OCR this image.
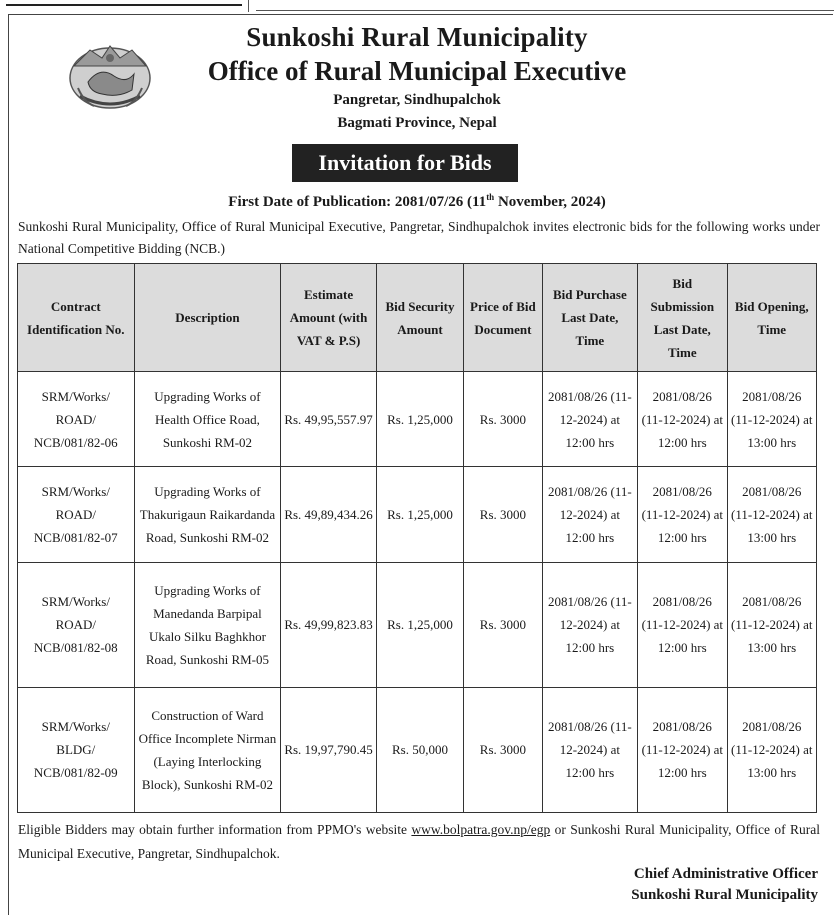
Sunkoshi Rural Municipality
Office of Rural Municipal Executive
Pangretar, Sindhupalchok
Bagmati Province, Nepal
Invitation for Bids
First Date of Publication: 2081/07/26 (11th November, 2024)
Sunkoshi Rural Municipality, Office of Rural Municipal Executive, Pangretar, Sindhupalchok invites electronic bids for the following works under National Competitive Bidding (NCB.)
Contract Identification No.	Description	Estimate Amount (with VAT & P.S)	Bid Security Amount	Price of Bid Document	Bid Purchase Last Date, Time	Bid Submission Last Date, Time	Bid Opening, Time
SRM/Works/ ROAD/ NCB/081/82-06	Upgrading Works of Health Office Road, Sunkoshi RM-02	Rs. 49,95,557.97	Rs. 1,25,000	Rs. 3000	2081/08/26 (11-12-2024) at 12:00 hrs	2081/08/26 (11-12-2024) at 12:00 hrs	2081/08/26 (11-12-2024) at 13:00 hrs
SRM/Works/ ROAD/ NCB/081/82-07	Upgrading Works of Thakurigaun Raikardanda Road, Sunkoshi RM-02	Rs. 49,89,434.26	Rs. 1,25,000	Rs. 3000	2081/08/26 (11-12-2024) at 12:00 hrs	2081/08/26 (11-12-2024) at 12:00 hrs	2081/08/26 (11-12-2024) at 13:00 hrs
SRM/Works/ ROAD/ NCB/081/82-08	Upgrading Works of Manedanda Barpipal Ukalo Silku Baghkhor Road, Sunkoshi RM-05	Rs. 49,99,823.83	Rs. 1,25,000	Rs. 3000	2081/08/26 (11-12-2024) at 12:00 hrs	2081/08/26 (11-12-2024) at 12:00 hrs	2081/08/26 (11-12-2024) at 13:00 hrs
SRM/Works/ BLDG/ NCB/081/82-09	Construction of Ward Office Incomplete Nirman (Laying Interlocking Block), Sunkoshi RM-02	Rs. 19,97,790.45	Rs. 50,000	Rs. 3000	2081/08/26 (11-12-2024) at 12:00 hrs	2081/08/26 (11-12-2024) at 12:00 hrs	2081/08/26 (11-12-2024) at 13:00 hrs
Eligible Bidders may obtain further information from PPMO's website www.bolpatra.gov.np/egp or Sunkoshi Rural Municipality, Office of Rural Municipal Executive, Pangretar, Sindhupalchok.
Chief Administrative Officer
Sunkoshi Rural Municipality
